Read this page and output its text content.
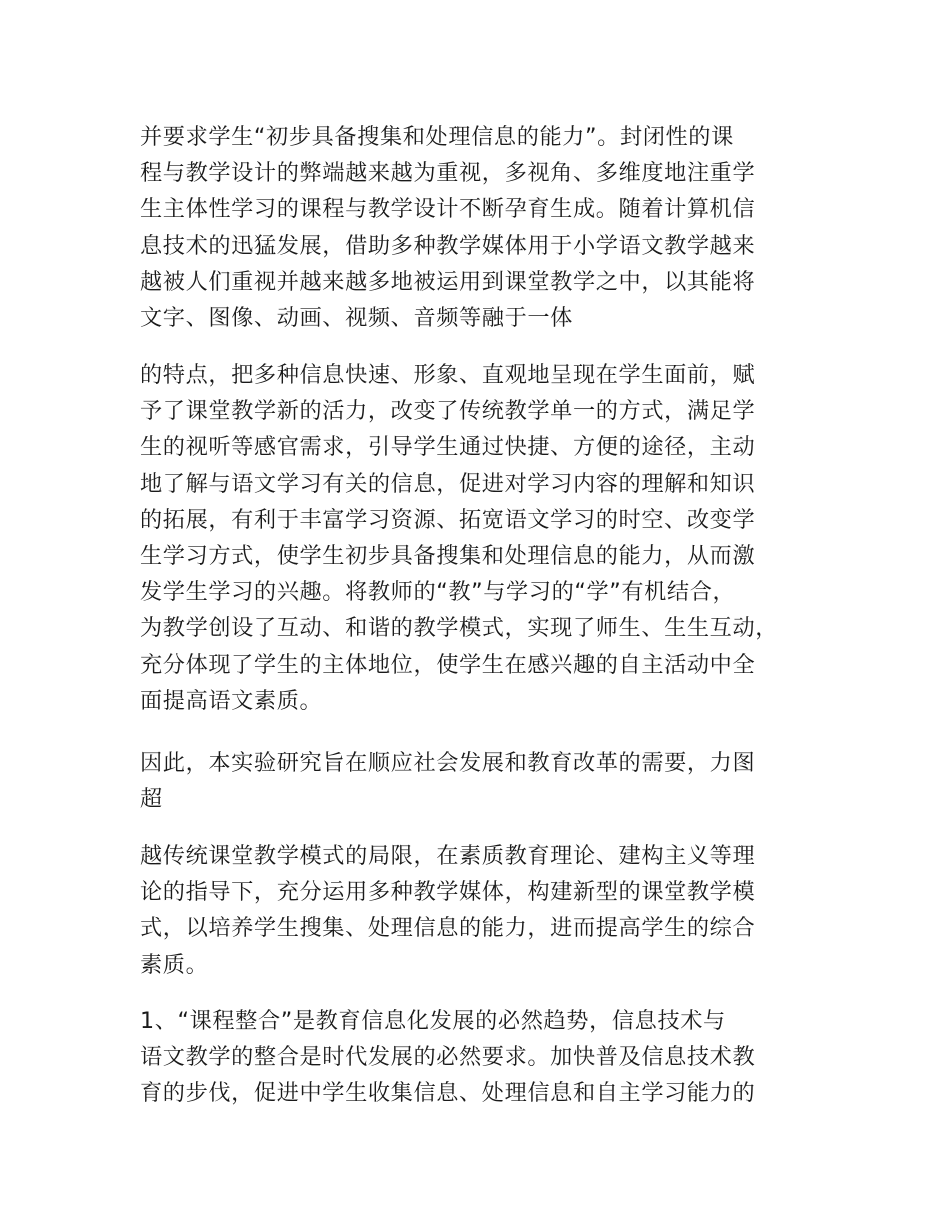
并要求学生“初步具备搜集和处理信息的能力”。封闭性的课
程与教学设计的弊端越来越为重视，多视角、多维度地注重学
生主体性学习的课程与教学设计不断孕育生成。随着计算机信
息技术的迅猛发展，借助多种教学媒体用于小学语文教学越来
越被人们重视并越来越多地被运用到课堂教学之中，以其能将
文字、图像、动画、视频、音频等融于一体
的特点，把多种信息快速、形象、直观地呈现在学生面前，赋
予了课堂教学新的活力，改变了传统教学单一的方式，满足学
生的视听等感官需求，引导学生通过快捷、方便的途径，主动
地了解与语文学习有关的信息，促进对学习内容的理解和知识
的拓展，有利于丰富学习资源、拓宽语文学习的时空、改变学
生学习方式，使学生初步具备搜集和处理信息的能力，从而激
发学生学习的兴趣。将教师的“教”与学习的“学”有机结合，
为教学创设了互动、和谐的教学模式，实现了师生、生生互动，
充分体现了学生的主体地位，使学生在感兴趣的自主活动中全
面提高语文素质。
因此，本实验研究旨在顺应社会发展和教育改革的需要，力图
超
越传统课堂教学模式的局限，在素质教育理论、建构主义等理
论的指导下，充分运用多种教学媒体，构建新型的课堂教学模
式，以培养学生搜集、处理信息的能力，进而提高学生的综合
素质。
1、“课程整合”是教育信息化发展的必然趋势，信息技术与
语文教学的整合是时代发展的必然要求。加快普及信息技术教
育的步伐，促进中学生收集信息、处理信息和自主学习能力的
